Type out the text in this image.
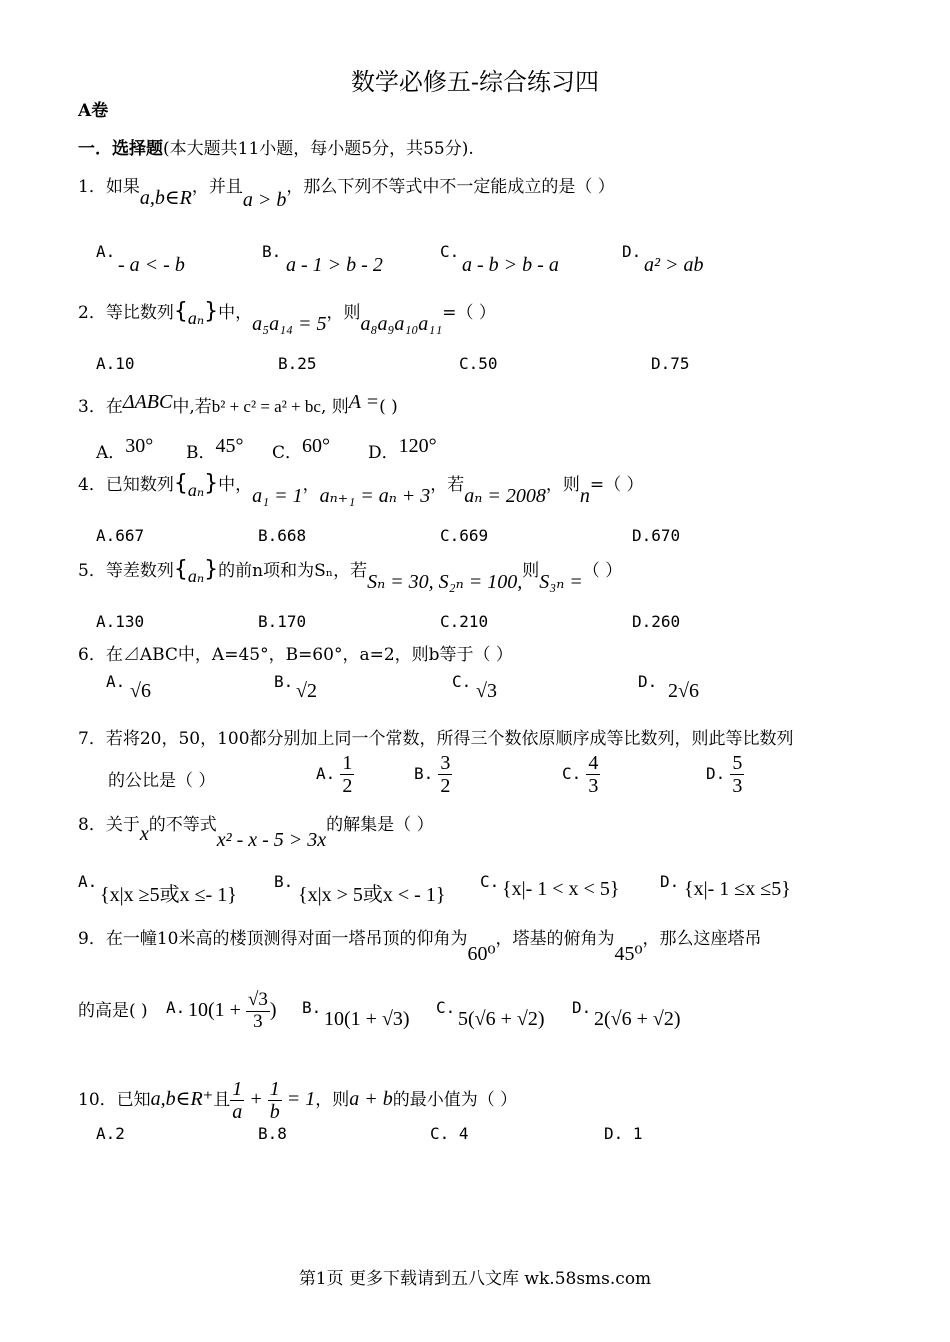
数学必修五-综合练习四
A卷
一．选择题(本大题共11小题，每小题5分，共55分).
1．如果a,b∈R，并且a > b，那么下列不等式中不一定能成立的是（ ）
A.
- a < - b
B.
a - 1 > b - 2
C.
a - b > b - a
D.
a² > ab
2．等比数列{aₙ}中，a₅a₁₄ = 5，则a₈a₉a₁₀a₁₁=（ ）
A.10	B.25	C.50	D.75
3．在ΔABC中,若b² + c² = a² + bc, 则A =( )
A．30° B．45° C．60° D．120°
4．已知数列{aₙ}中，a₁ = 1，aₙ₊₁ = aₙ + 3，若aₙ = 2008，则n=（ ）
A.667	B.668	C.669	D.670
5．等差数列{aₙ}的前n项和为Sₙ，若Sₙ = 30, S₂ₙ = 100,则S₃ₙ =（ ）
A.130	B.170	C.210	D.260
6．在⊿ABC中，A=45°，B=60°，a=2，则b等于（ ）
A. √6	B. √2	C. √3	D. 2√6
7．若将20，50，100都分别加上同一个常数，所得三个数依原顺序成等比数列，则此等比数列
的公比是（ ）	A. $\frac{1}{2}$	B. $\frac{3}{2}$	C. $\frac{4}{3}$	D. $\frac{5}{3}$
8．关于x的不等式x² - x - 5 > 3x的解集是（ ）
A.
{x|x ≥5或x ≤- 1}
B.
{x|x > 5或x < - 1}
C. {x|- 1 < x < 5}	D. {x|- 1 ≤x ≤5}
9．在一幢10米高的楼顶测得对面一塔吊顶的仰角为60⁰，塔基的俯角为45⁰，那么这座塔吊
的高是( ) A. $10(1 + \frac{√3}{3}$ ) B.
10(1 + √3)
C.
5(√6 + √2)
D.
2(√6 + √2)
10．已知a,b∈R⁺且 $\frac{1}{a} + \frac{1}{b} = 1$，则a + b的最小值为（ ）
A.2	B.8	C. 4	D. 1
第1页 更多下载请到五八文库 wk.58sms.com
